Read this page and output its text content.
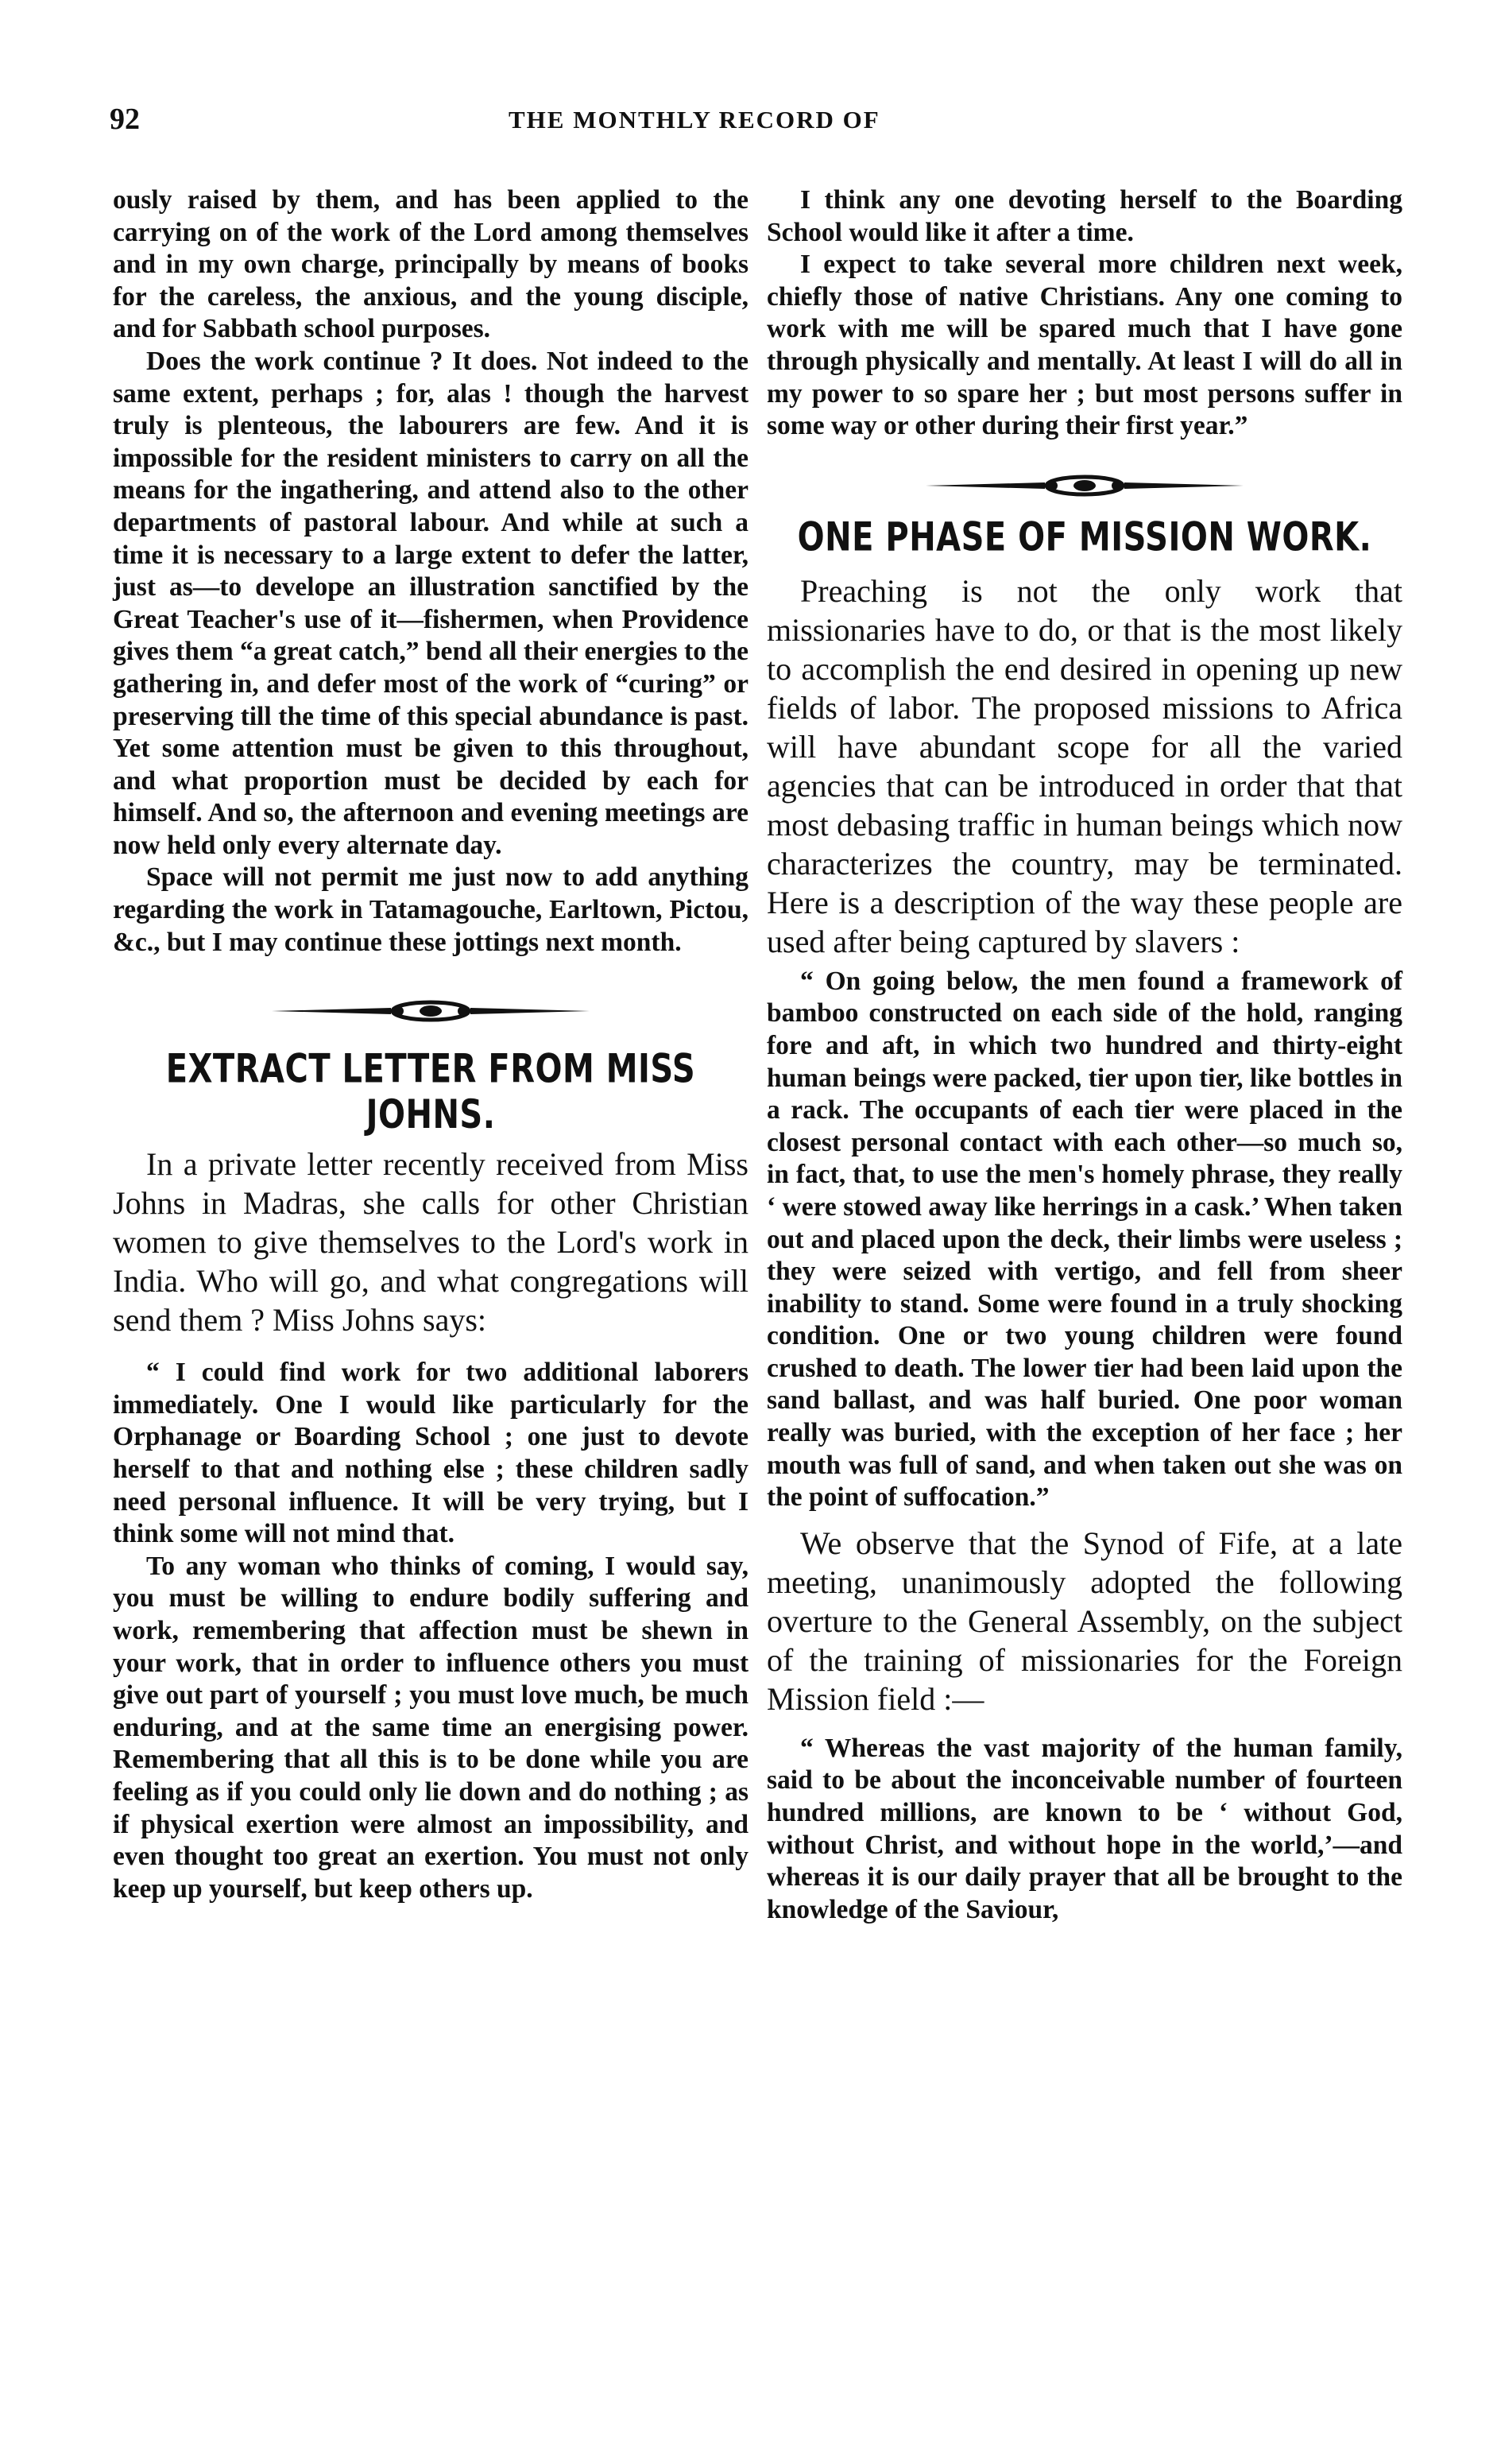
92	THE MONTHLY RECORD OF

ously raised by them, and has been applied to the carrying on of the work of the Lord among themselves and in my own charge, principally by means of books for the careless, the anxious, and the young disciple, and for Sabbath school purposes.

Does the work continue ? It does. Not indeed to the same extent, perhaps ; for, alas ! though the harvest truly is plenteous, the labourers are few. And it is impossible for the resident ministers to carry on all the means for the ingathering, and attend also to the other departments of pastoral labour. And while at such a time it is necessary to a large extent to defer the latter, just as—to develope an illustration sanctified by the Great Teacher's use of it—fishermen, when Providence gives them “a great catch,” bend all their energies to the gathering in, and defer most of the work of “curing” or preserving till the time of this special abundance is past. Yet some attention must be given to this throughout, and what proportion must be decided by each for himself. And so, the afternoon and evening meetings are now held only every alternate day.

Space will not permit me just now to add anything regarding the work in Tatamagouche, Earltown, Pictou, &c., but I may continue these jottings next month.

EXTRACT LETTER FROM MISS JOHNS.

In a private letter recently received from Miss Johns in Madras, she calls for other Christian women to give themselves to the Lord's work in India. Who will go, and what congregations will send them ? Miss Johns says:

“ I could find work for two additional laborers immediately. One I would like particularly for the Orphanage or Boarding School ; one just to devote herself to that and nothing else ; these children sadly need personal influence. It will be very trying, but I think some will not mind that.

To any woman who thinks of coming, I would say, you must be willing to endure bodily suffering and work, remembering that affection must be shewn in your work, that in order to influence others you must give out part of yourself ; you must love much, be much enduring, and at the same time an energising power. Remembering that all this is to be done while you are feeling as if you could only lie down and do nothing ; as if physical exertion were almost an impossibility, and even thought too great an exertion. You must not only keep up yourself, but keep others up.

I think any one devoting herself to the Boarding School would like it after a time.

I expect to take several more children next week, chiefly those of native Christians. Any one coming to work with me will be spared much that I have gone through physically and mentally. At least I will do all in my power to so spare her ; but most persons suffer in some way or other during their first year.”

ONE PHASE OF MISSION WORK.

Preaching is not the only work that missionaries have to do, or that is the most likely to accomplish the end desired in opening up new fields of labor. The proposed missions to Africa will have abundant scope for all the varied agencies that can be introduced in order that that most debasing traffic in human beings which now characterizes the country, may be terminated. Here is a description of the way these people are used after being captured by slavers :

“ On going below, the men found a framework of bamboo constructed on each side of the hold, ranging fore and aft, in which two hundred and thirty-eight human beings were packed, tier upon tier, like bottles in a rack. The occupants of each tier were placed in the closest personal contact with each other—so much so, in fact, that, to use the men's homely phrase, they really ‘ were stowed away like herrings in a cask.’ When taken out and placed upon the deck, their limbs were useless ; they were seized with vertigo, and fell from sheer inability to stand. Some were found in a truly shocking condition. One or two young children were found crushed to death. The lower tier had been laid upon the sand ballast, and was half buried. One poor woman really was buried, with the exception of her face ; her mouth was full of sand, and when taken out she was on the point of suffocation.”

We observe that the Synod of Fife, at a late meeting, unanimously adopted the following overture to the General Assembly, on the subject of the training of missionaries for the Foreign Mission field :—

“ Whereas the vast majority of the human family, said to be about the inconceivable number of fourteen hundred millions, are known to be ‘ without God, without Christ, and without hope in the world,’—and whereas it is our daily prayer that all be brought to the knowledge of the Saviour,
